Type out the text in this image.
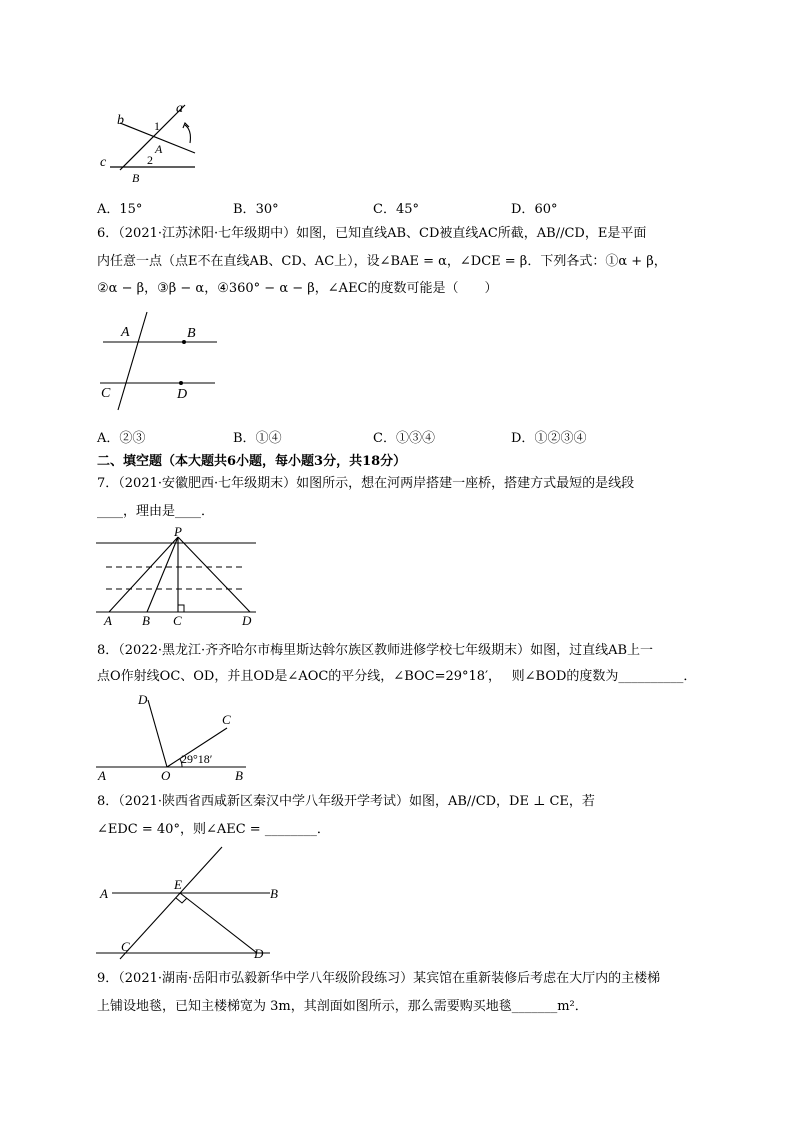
a
b
c
1
2
A
B
A．15°	B．30°	C．45°	D．60°
6．（2021·江苏沭阳·七年级期中）如图，已知直线AB、CD被直线AC所截，AB//CD，E是平面
内任意一点（点E不在直线AB、CD、AC上），设∠BAE = α，∠DCE = β．下列各式：①α + β，
②α − β，③β − α，④360° − α − β，∠AEC的度数可能是（　　）
A	B
C	D
A．②③	B．①④	C．①③④	D．①②③④
二、填空题（本大题共6小题，每小题3分，共18分）
7．（2021·安徽肥西·七年级期末）如图所示，想在河两岸搭建一座桥，搭建方式最短的是线段
____，理由是____．
P
A B C	D
8．（2022·黑龙江·齐齐哈尔市梅里斯达斡尔族区教师进修学校七年级期末）如图，过直线AB上一
点O作射线OC、OD，并且OD是∠AOC的平分线，∠BOC=29°18′，　 则∠BOD的度数为__________．
D
C
A	O	B
29°18′
8．（2021·陕西省西咸新区秦汉中学八年级开学考试）如图，AB//CD，DE ⊥ CE，若
∠EDC = 40°，则∠AEC = ________．
A
E
B
C	D
9．（2021·湖南·岳阳市弘毅新华中学八年级阶段练习）某宾馆在重新装修后考虑在大厅内的主楼梯
上铺设地毯，已知主楼梯宽为 3m，其剖面如图所示，那么需要购买地毯_______m²．
